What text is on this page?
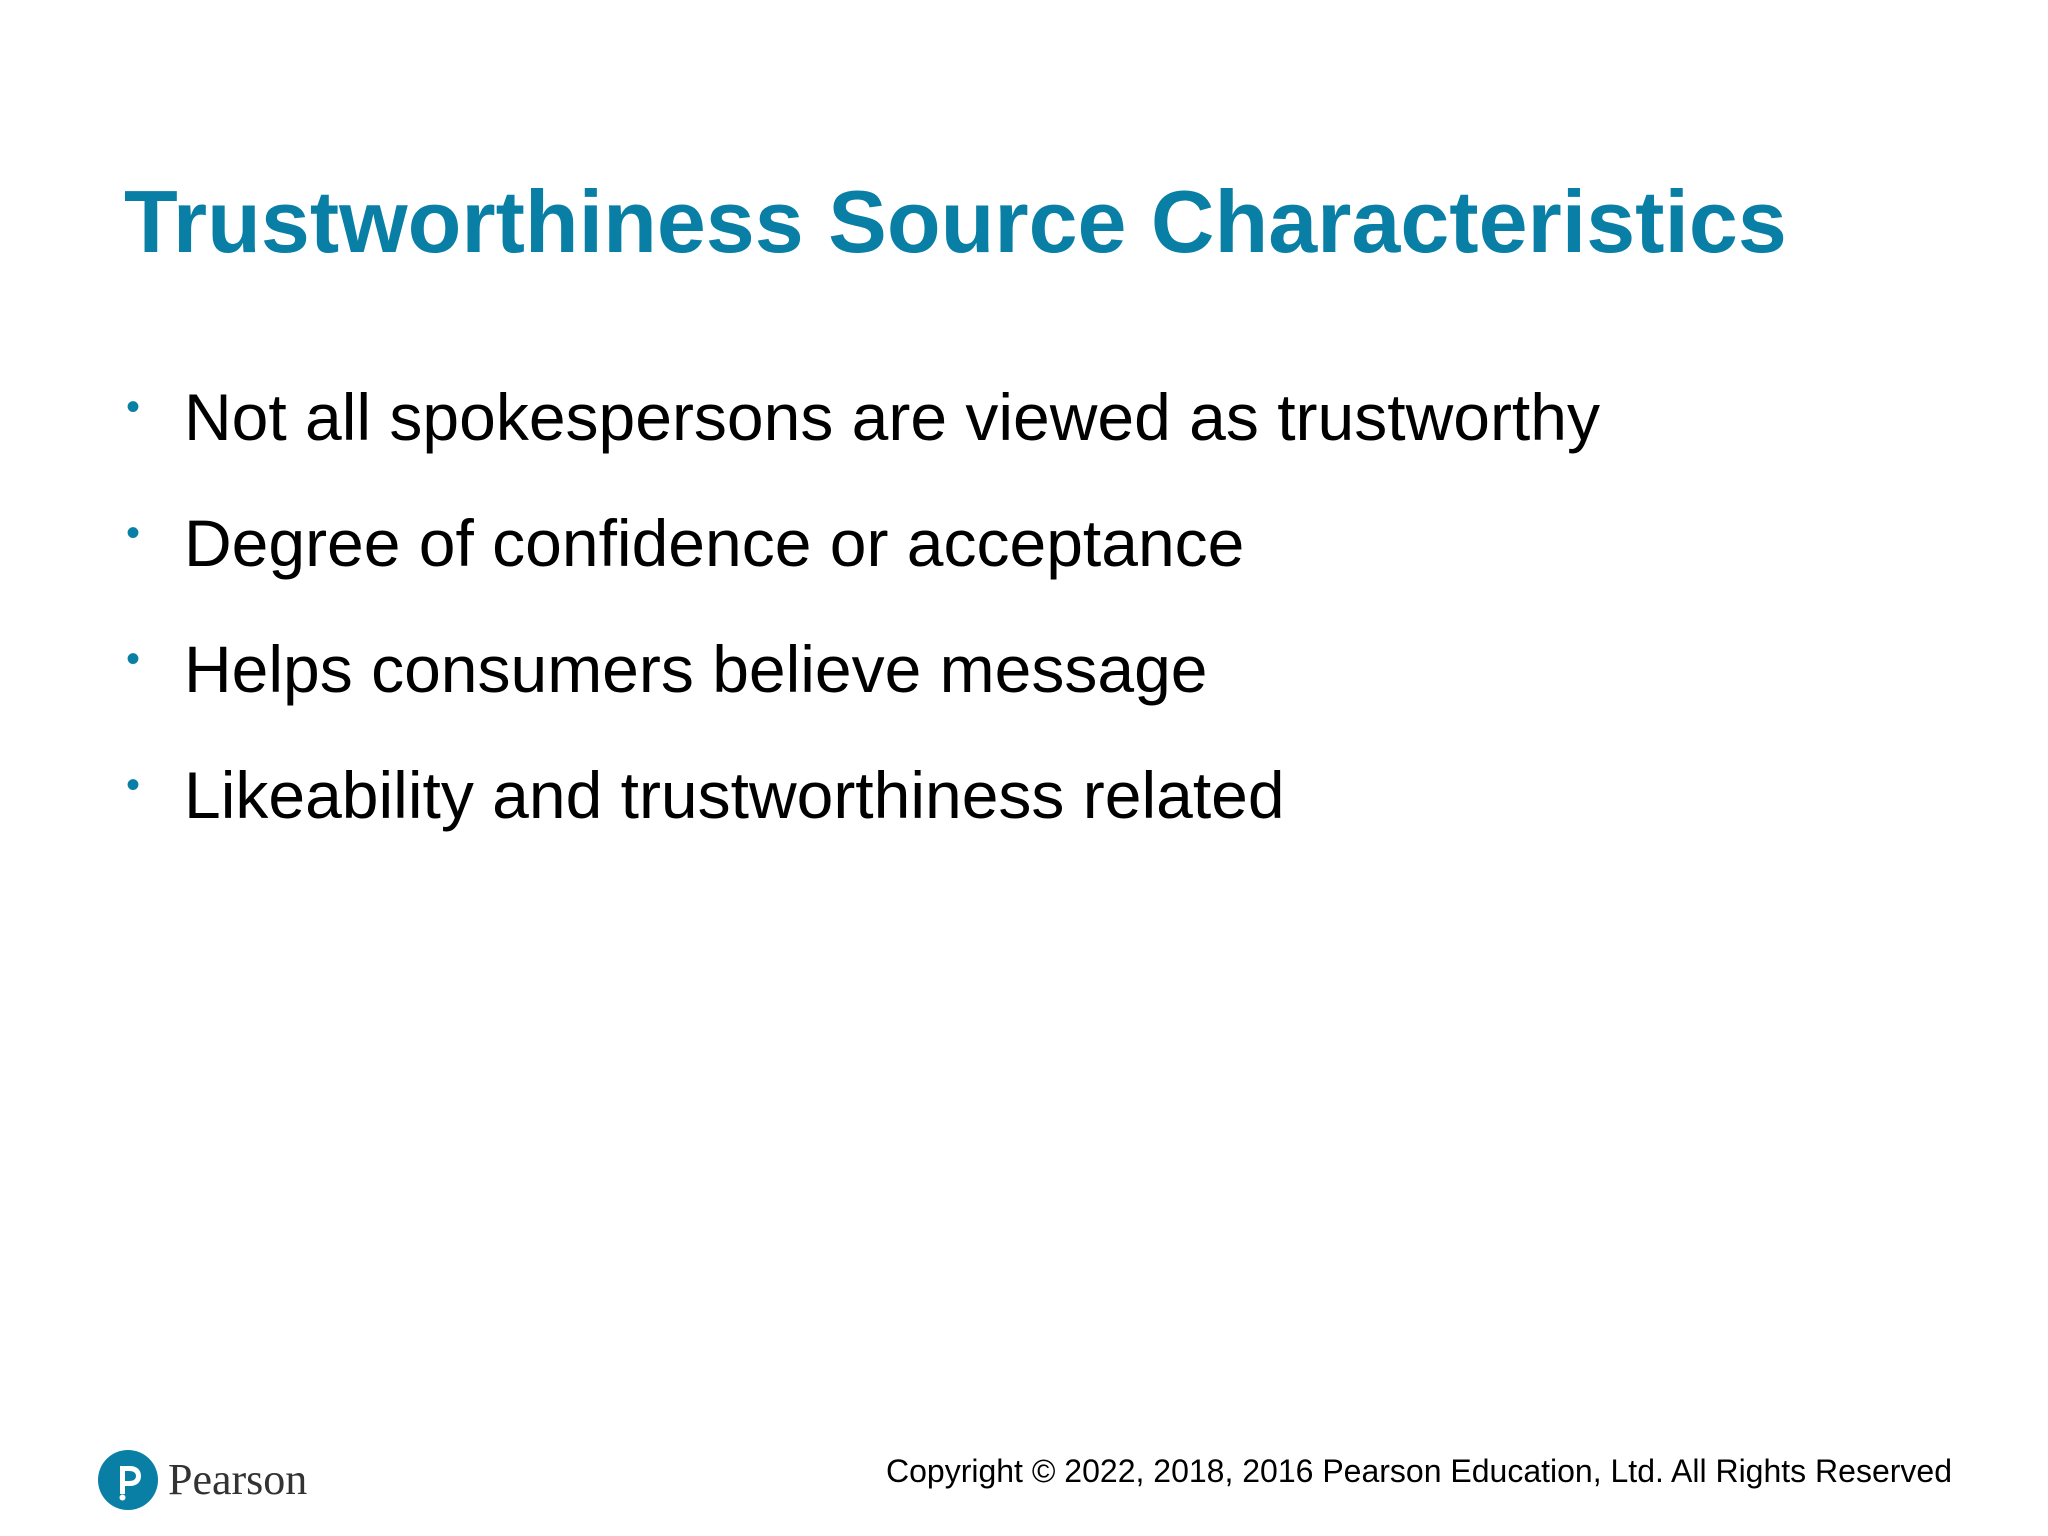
Trustworthiness Source Characteristics
• Not all spokespersons are viewed as trustworthy
• Degree of confidence or acceptance
• Helps consumers believe message
• Likeability and trustworthiness related
Pearson	Copyright © 2022, 2018, 2016 Pearson Education, Ltd. All Rights Reserved
